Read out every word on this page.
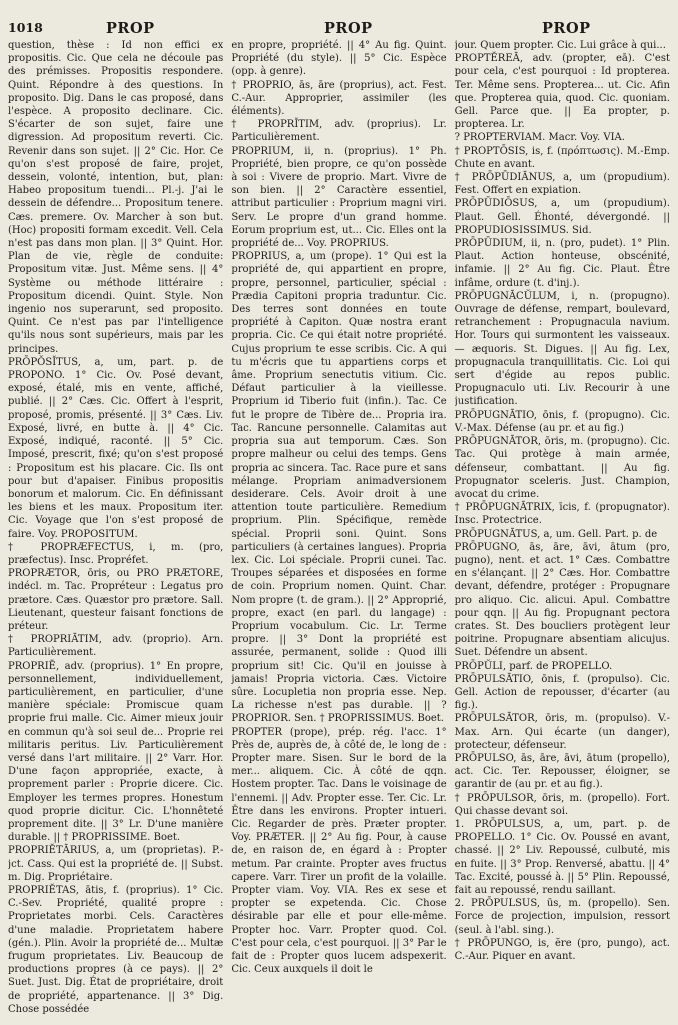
1018	PROP	PROP	PROP

question, thèse : Id non effici ex propositis. Cic. Que cela ne découle pas des prémisses. Propositis respondere. Quint. Répondre à des questions. In proposito. Dig. Dans le cas proposé, dans l'espèce. A proposito declinare. Cic. S'écarter de son sujet, faire une digression. Ad propositum reverti. Cic. Revenir dans son sujet. || 2° Cic. Hor. Ce qu'on s'est proposé de faire, projet, dessein, volonté, intention, but, plan: Habeo propositum tuendi... Pl.-j. J'ai le dessein de défendre... Propositum tenere. Cæs. premere. Ov. Marcher à son but. (Hoc) propositi formam excedit. Vell. Cela n'est pas dans mon plan. || 3° Quint. Hor. Plan de vie, règle de conduite: Propositum vitæ. Just. Même sens. || 4° Système ou méthode littéraire : Propositum dicendi. Quint. Style. Non ingenio nos superarunt, sed proposito. Quint. Ce n'est pas par l'intelligence qu'ils nous sont supérieurs, mais par les principes.

PRŌPŎSĬTUS, a, um, part. p. de PROPONO. 1° Cic. Ov. Posé devant, exposé, étalé, mis en vente, affiché, publié. || 2° Cæs. Cic. Offert à l'esprit, proposé, promis, présenté. || 3° Cæs. Liv. Exposé, livré, en butte à. || 4° Cic. Exposé, indiqué, raconté. || 5° Cic. Imposé, prescrit, fixé; qu'on s'est proposé : Propositum est his placare. Cic. Ils ont pour but d'apaiser. Finibus propositis bonorum et malorum. Cic. En définissant les biens et les maux. Propositum iter. Cic. Voyage que l'on s'est proposé de faire. Voy. PROPOSITUM.

† PROPRÆFECTUS, i, m. (pro, præfectus). Insc. Propréfet.

PROPRÆTOR, ōris, ou PRO PRÆTORE, indécl. m. Tac. Propréteur : Legatus pro prætore. Cæs. Quæstor pro prætore. Sall. Lieutenant, questeur faisant fonctions de préteur.

† PROPRIĀTIM, adv. (proprio). Arn. Particulièrement.

PROPRIĒ, adv. (proprius). 1° En propre, personnellement, individuellement, particulièrement, en particulier, d'une manière spéciale: Promiscue quam proprie frui malle. Cic. Aimer mieux jouir en commun qu'à soi seul de... Proprie rei militaris peritus. Liv. Particulièrement versé dans l'art militaire. || 2° Varr. Hor. D'une façon appropriée, exacte, à proprement parler : Proprie dicere. Cic. Employer les termes propres. Honestum quod proprie dicitur. Cic. L'honnêteté proprement dite. || 3° Lr. D'une manière durable. || † PROPRISSIME. Boet.

PROPRIĔTĀRIUS, a, um (proprietas). P.-jct. Cass. Qui est la propriété de. || Subst. m. Dig. Propriétaire.

PROPRIĔTAS, ātis, f. (proprius). 1° Cic. C.-Sev. Propriété, qualité propre : Proprietates morbi. Cels. Caractères d'une maladie. Proprietatem habere (gén.). Plin. Avoir la propriété de... Multæ frugum proprietates. Liv. Beaucoup de productions propres (à ce pays). || 2° Suet. Just. Dig. État de propriétaire, droit de propriété, appartenance. || 3° Dig. Chose possédée

en propre, propriété. || 4° Au fig. Quint. Propriété (du style). || 5° Cic. Espèce (opp. à genre).

† PROPRIO, ās, āre (proprius), act. Fest. C.-Aur. Approprier, assimiler (les éléments).

† PROPRĬTIM, adv. (proprius). Lr. Particulièrement.

PROPRIUM, ii, n. (proprius). 1° Ph. Propriété, bien propre, ce qu'on possède à soi : Vivere de proprio. Mart. Vivre de son bien. || 2° Caractère essentiel, attribut particulier : Proprium magni viri. Serv. Le propre d'un grand homme. Eorum proprium est, ut... Cic. Elles ont la propriété de... Voy. PROPRIUS.

PROPRIUS, a, um (prope). 1° Qui est la propriété de, qui appartient en propre, propre, personnel, particulier, spécial : Prædia Capitoni propria traduntur. Cic. Des terres sont données en toute propriété à Capiton. Quæ nostra erant propria. Cic. Ce qui était notre propriété. Cujus proprium te esse scribis. Cic. A qui tu m'écris que tu appartiens corps et âme. Proprium senectutis vitium. Cic. Défaut particulier à la vieillesse. Proprium id Tiberio fuit (infin.). Tac. Ce fut le propre de Tibère de... Propria ira. Tac. Rancune personnelle. Calamitas aut propria sua aut temporum. Cæs. Son propre malheur ou celui des temps. Gens propria ac sincera. Tac. Race pure et sans mélange. Propriam animadversionem desiderare. Cels. Avoir droit à une attention toute particulière. Remedium proprium. Plin. Spécifique, remède spécial. Proprii soni. Quint. Sons particuliers (à certaines langues). Propria lex. Cic. Loi spéciale. Proprii cunei. Tac. Troupes séparées et disposées en forme de coin. Proprium nomen. Quint. Char. Nom propre (t. de gram.). || 2° Approprié, propre, exact (en parl. du langage) : Proprium vocabulum. Cic. Lr. Terme propre. || 3° Dont la propriété est assurée, permanent, solide : Quod illi proprium sit! Cic. Qu'il en jouisse à jamais! Propria victoria. Cæs. Victoire sûre. Locupletia non propria esse. Nep. La richesse n'est pas durable. || ? PROPRIOR. Sen. † PROPRISSIMUS. Boet.

PROPTER (prope), prép. rég. l'acc. 1° Près de, auprès de, à côté de, le long de : Propter mare. Sisen. Sur le bord de la mer... aliquem. Cic. À côté de qqn. Hostem propter. Tac. Dans le voisinage de l'ennemi. || Adv. Propter esse. Ter. Cic. Lr. Être dans les environs. Propter intueri. Cic. Regarder de près. Præter propter. Voy. PRÆTER. || 2° Au fig. Pour, à cause de, en raison de, en égard à : Propter metum. Par crainte. Propter aves fructus capere. Varr. Tirer un profit de la volaille. Propter viam. Voy. VIA. Res ex sese et propter se expetenda. Cic. Chose désirable par elle et pour elle-même. Propter hoc. Varr. Propter quod. Col. C'est pour cela, c'est pourquoi. || 3° Par le fait de : Propter quos lucem adspexerit. Cic. Ceux auxquels il doit le

jour. Quem propter. Cic. Lui grâce à qui...

PROPTĔREĀ, adv. (propter, eā). C'est pour cela, c'est pourquoi : Id propterea. Ter. Même sens. Propterea... ut. Cic. Afin que. Propterea quia, quod. Cic. quoniam. Gell. Parce que. || Ea propter, p. propterea. Lr.

? PROPTERVIAM. Macr. Voy. VIA.

† PROPTŌSIS, is, f. (πρόπτωσις). M.-Emp. Chute en avant.

† PRŌPŪDIĀNUS, a, um (propudium). Fest. Offert en expiation.

PRŌPŪDIŌSUS, a, um (propudium). Plaut. Gell. Éhonté, dévergondé. || PROPUDIOSISSIMUS. Sid.

PRŌPŪDIUM, ii, n. (pro, pudet). 1° Plin. Plaut. Action honteuse, obscénité, infamie. || 2° Au fig. Cic. Plaut. Être infâme, ordure (t. d'inj.).

PRŌPUGNĀCŬLUM, i, n. (propugno). Ouvrage de défense, rempart, boulevard, retranchement : Propugnacula navium. Hor. Tours qui surmontent les vaisseaux. — æquoris. St. Digues. || Au fig. Lex, propugnacula tranquillitatis. Cic. Loi qui sert d'égide au repos public. Propugnaculo uti. Liv. Recourir à une justification.

PRŌPUGNĀTIO, ōnis, f. (propugno). Cic. V.-Max. Défense (au pr. et au fig.)

PRŌPUGNĀTOR, ōris, m. (propugno). Cic. Tac. Qui protège à main armée, défenseur, combattant. || Au fig. Propugnator sceleris. Just. Champion, avocat du crime.

† PRŌPUGNĀTRIX, īcis, f. (propugnator). Insc. Protectrice.

PRŌPUGNĀTUS, a, um. Gell. Part. p. de

PRŌPUGNO, ās, āre, āvi, ātum (pro, pugno), nent. et act. 1° Cæs. Combattre en s'élançant. || 2° Cæs. Hor. Combattre devant, défendre, protéger : Propugnare pro aliquo. Cic. alicui. Apul. Combattre pour qqn. || Au fig. Propugnant pectora crates. St. Des boucliers protègent leur poitrine. Propugnare absentiam alicujus. Suet. Défendre un absent.

PRŌPŬLI, parf. de PROPELLO.

PRŌPULSĀTIO, ōnis, f. (propulso). Cic. Gell. Action de repousser, d'écarter (au fig.).

PRŌPULSĀTOR, ōris, m. (propulso). V.-Max. Arn. Qui écarte (un danger), protecteur, défenseur.

PRŌPULSO, ās, āre, āvi, ātum (propello), act. Cic. Ter. Repousser, éloigner, se garantir de (au pr. et au fig.).

† PRŌPULSOR, ōris, m. (propello). Fort. Qui chasse devant soi.

1. PRŌPULSUS, a, um, part. p. de PROPELLO. 1° Cic. Ov. Poussé en avant, chassé. || 2° Liv. Repoussé, culbuté, mis en fuite. || 3° Prop. Renversé, abattu. || 4° Tac. Excité, poussé à. || 5° Plin. Repoussé, fait au repoussé, rendu saillant.

2. PRŌPULSUS, ūs, m. (propello). Sen. Force de projection, impulsion, ressort (seul. à l'abl. sing.).

† PRŌPUNGO, is, ĕre (pro, pungo), act. C.-Aur. Piquer en avant.
